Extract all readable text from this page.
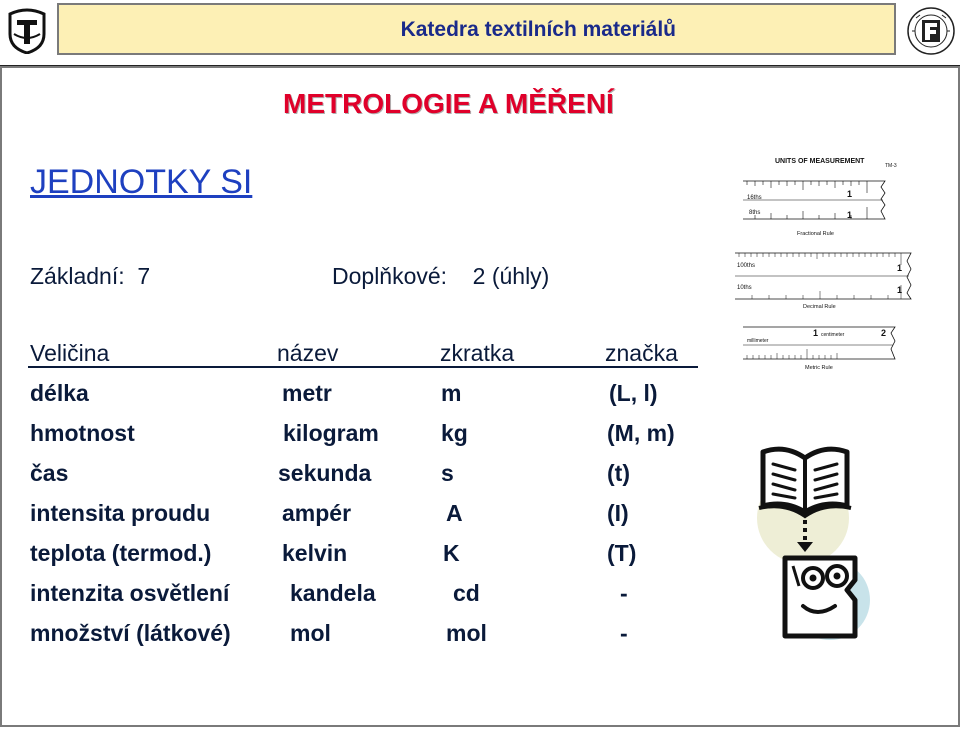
Katedra textilních materiálů
METROLOGIE A MĚŘENÍ
JEDNOTKY SI
Základní: 7	Doplňkové: 2 (úhly)
Veličina	název	zkratka	značka
délka	metr	m	(L, l)
hmotnost	kilogram	kg	(M, m)
čas	sekunda	s	(t)
intensita proudu	ampér	A	(I)
teplota (termod.)	kelvin	K	(T)
intenzita osvětlení	kandela	cd	-
množství (látkové)	mol	mol	-
UNITS OF MEASUREMENT
TM-3
16ths
8ths
1
1
Fractional Rule
100ths
10ths
1
1
Decimal Rule
1 centimeter	2
millimeter
Metric Rule
